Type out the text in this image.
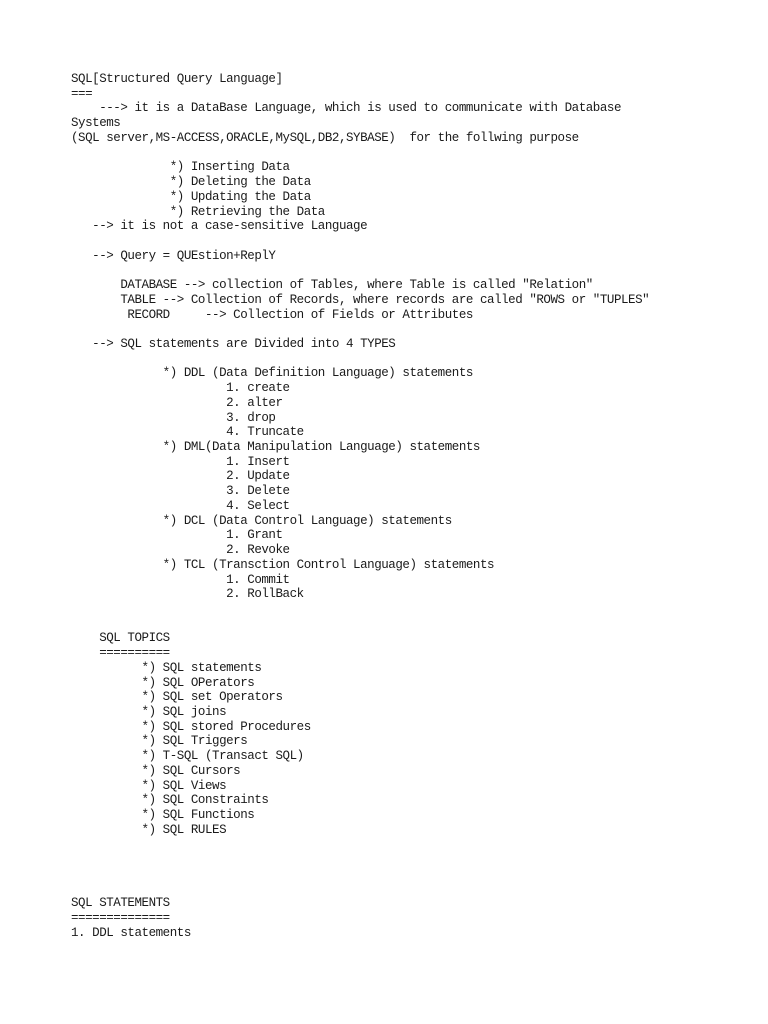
SQL[Structured Query Language]
===
---> it is a DataBase Language, which is used to communicate with Database
Systems
(SQL server,MS-ACCESS,ORACLE,MySQL,DB2,SYBASE)  for the follwing purpose
*) Inserting Data
*) Deleting the Data
*) Updating the Data
*) Retrieving the Data
--> it is not a case-sensitive Language
--> Query = QUEstion+ReplY
DATABASE --> collection of Tables, where Table is called "Relation"
TABLE --> Collection of Records, where records are called "ROWS or "TUPLES"
RECORD     --> Collection of Fields or Attributes
--> SQL statements are Divided into 4 TYPES
*) DDL (Data Definition Language) statements
1. create
2. alter
3. drop
4. Truncate
*) DML(Data Manipulation Language) statements
1. Insert
2. Update
3. Delete
4. Select
*) DCL (Data Control Language) statements
1. Grant
2. Revoke
*) TCL (Transction Control Language) statements
1. Commit
2. RollBack
SQL TOPICS
==========
*) SQL statements
*) SQL OPerators
*) SQL set Operators
*) SQL joins
*) SQL stored Procedures
*) SQL Triggers
*) T-SQL (Transact SQL)
*) SQL Cursors
*) SQL Views
*) SQL Constraints
*) SQL Functions
*) SQL RULES
SQL STATEMENTS
==============
1. DDL statements
